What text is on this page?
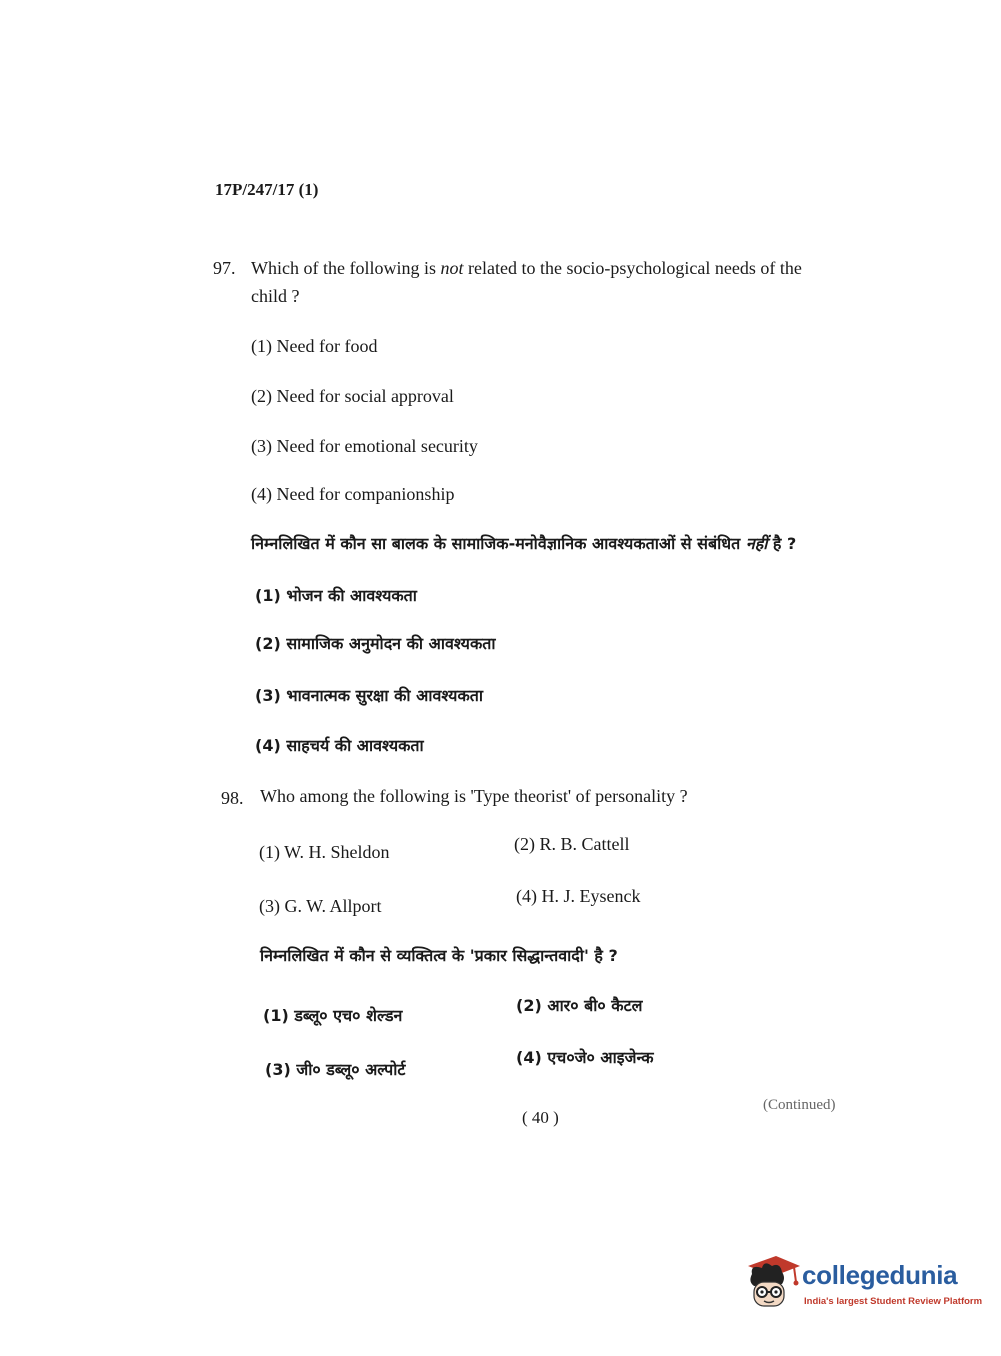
17P/247/17 (1)
97. Which of the following is not related to the socio-psychological needs of the
child ?
(1) Need for food
(2) Need for social approval
(3) Need for emotional security
(4) Need for companionship
निम्नलिखित में कौन सा बालक के सामाजिक-मनोवैज्ञानिक आवश्यकताओं से संबंधित नहीं है ?
(1) भोजन की आवश्यकता
(2) सामाजिक अनुमोदन की आवश्यकता
(3) भावनात्मक सुरक्षा की आवश्यकता
(4) साहचर्य की आवश्यकता
98. Who among the following is 'Type theorist' of personality ?
(1) W. H. Sheldon	(2) R. B. Cattell
(3) G. W. Allport	(4) H. J. Eysenck
निम्नलिखित में कौन से व्यक्तित्व के 'प्रकार सिद्धान्तवादी' है ?
(1) डब्लू० एच० शेल्डन
(2) आर० बी० कैटल
(3) जी० डब्लू० अल्पोर्ट
(4) एच०जे० आइजेन्क
( 40 )
(Continued)
collegedunia
India's largest Student Review Platform
